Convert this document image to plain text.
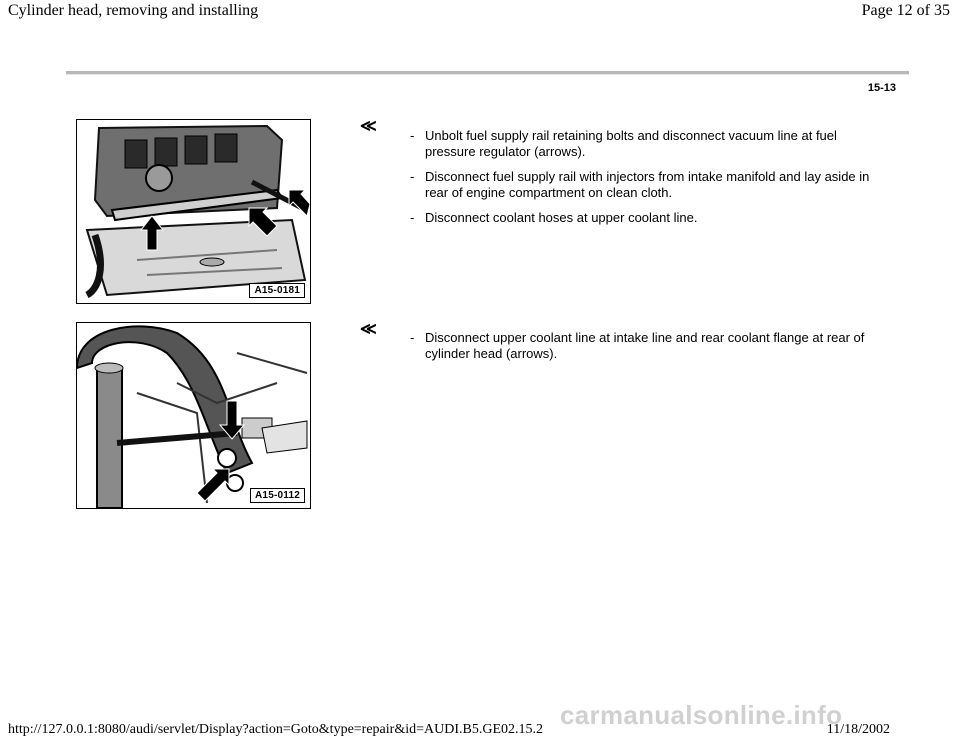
Cylinder head, removing and installing	Page 12 of 35
15-13
A15-0181
≪
- Unbolt fuel supply rail retaining bolts and disconnect vacuum line at fuel pressure regulator (arrows).
- Disconnect fuel supply rail with injectors from intake manifold and lay aside in rear of engine compartment on clean cloth.
- Disconnect coolant hoses at upper coolant line.
A15-0112
≪
-	Disconnect upper coolant line at intake line and rear coolant flange at rear of cylinder head (arrows).
carmanualsonline.info
http://127.0.0.1:8080/audi/servlet/Display?action=Goto&type=repair&id=AUDI.B5.GE02.15.2	11/18/2002
